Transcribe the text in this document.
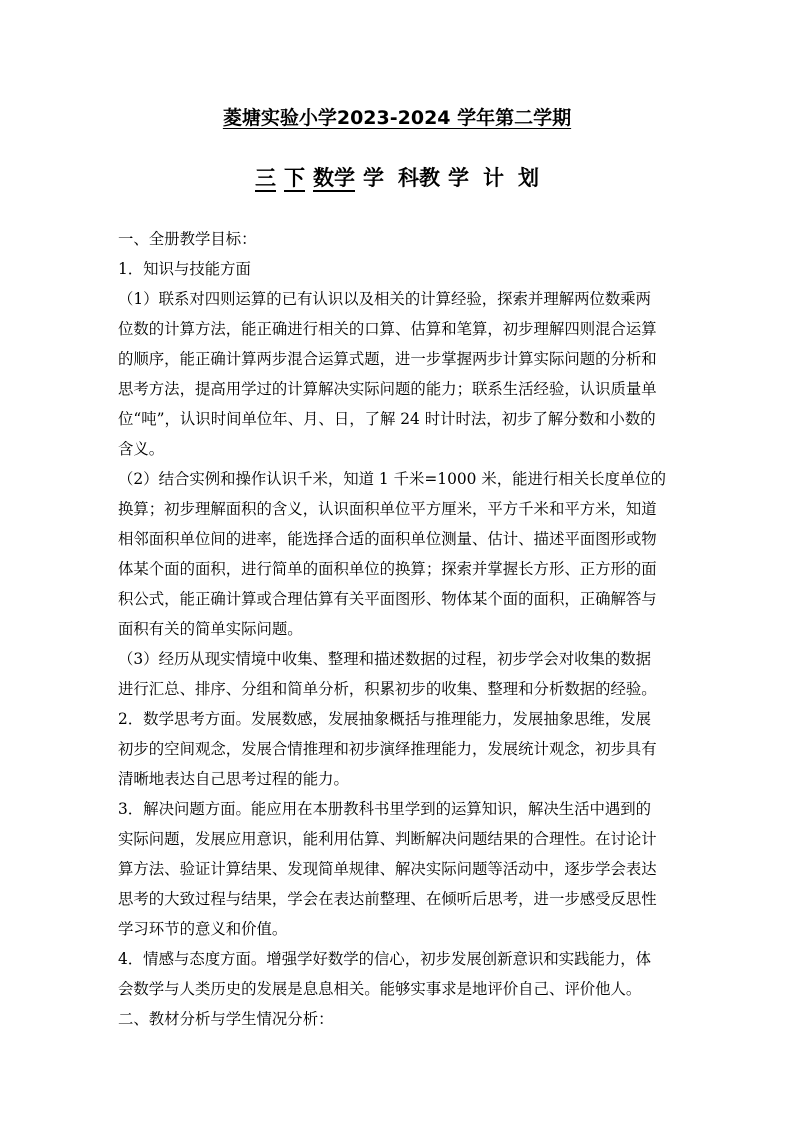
菱塘实验小学2023-2024 学年第二学期
三 下 数学 学 科教 学 计 划
一、全册教学目标：
1．知识与技能方面
（1）联系对四则运算的已有认识以及相关的计算经验，探索并理解两位数乘两
位数的计算方法，能正确进行相关的口算、估算和笔算，初步理解四则混合运算
的顺序，能正确计算两步混合运算式题，进一步掌握两步计算实际问题的分析和
思考方法，提高用学过的计算解决实际问题的能力；联系生活经验，认识质量单
位“吨”，认识时间单位年、月、日，了解 24 时计时法，初步了解分数和小数的
含义。
（2）结合实例和操作认识千米，知道 1 千米=1000 米，能进行相关长度单位的
换算；初步理解面积的含义，认识面积单位平方厘米，平方千米和平方米，知道
相邻面积单位间的进率，能选择合适的面积单位测量、估计、描述平面图形或物
体某个面的面积，进行简单的面积单位的换算；探索并掌握长方形、正方形的面
积公式，能正确计算或合理估算有关平面图形、物体某个面的面积，正确解答与
面积有关的简单实际问题。
（3）经历从现实情境中收集、整理和描述数据的过程，初步学会对收集的数据
进行汇总、排序、分组和简单分析，积累初步的收集、整理和分析数据的经验。
2．数学思考方面。发展数感，发展抽象概括与推理能力，发展抽象思维，发展
初步的空间观念，发展合情推理和初步演绎推理能力，发展统计观念，初步具有
清晰地表达自己思考过程的能力。
3．解决问题方面。能应用在本册教科书里学到的运算知识，解决生活中遇到的
实际问题，发展应用意识，能利用估算、判断解决问题结果的合理性。在讨论计
算方法、验证计算结果、发现简单规律、解决实际问题等活动中，逐步学会表达
思考的大致过程与结果，学会在表达前整理、在倾听后思考，进一步感受反思性
学习环节的意义和价值。
4．情感与态度方面。增强学好数学的信心，初步发展创新意识和实践能力，体
会数学与人类历史的发展是息息相关。能够实事求是地评价自己、评价他人。
二、教材分析与学生情况分析：
